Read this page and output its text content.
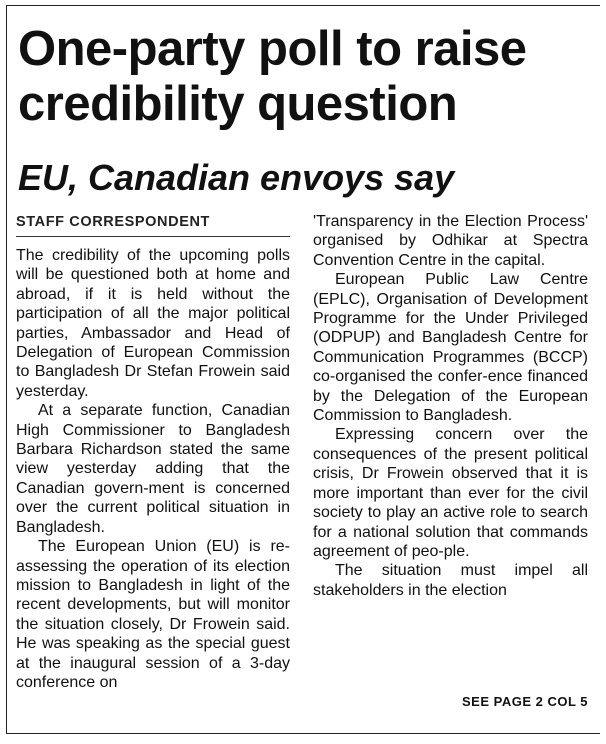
One-party poll to raise credibility question
EU, Canadian envoys say
STAFF CORRESPONDENT

The credibility of the upcoming polls will be questioned both at home and abroad, if it is held without the participation of all the major political parties, Ambassador and Head of Delegation of European Commission to Bangladesh Dr Stefan Frowein said yesterday.

At a separate function, Canadian High Commissioner to Bangladesh Barbara Richardson stated the same view yesterday adding that the Canadian govern-ment is concerned over the current political situation in Bangladesh.

The European Union (EU) is re-assessing the operation of its election mission to Bangladesh in light of the recent developments, but will monitor the situation closely, Dr Frowein said. He was speaking as the special guest at the inaugural session of a 3-day conference on

'Transparency in the Election Process' organised by Odhikar at Spectra Convention Centre in the capital.

European Public Law Centre (EPLC), Organisation of Development Programme for the Under Privileged (ODPUP) and Bangladesh Centre for Communication Programmes (BCCP) co-organised the confer-ence financed by the Delegation of the European Commission to Bangladesh.

Expressing concern over the consequences of the present political crisis, Dr Frowein observed that it is more important than ever for the civil society to play an active role to search for a national solution that commands agreement of peo-ple.

The situation must impel all stakeholders in the election

SEE PAGE 2 COL 5
